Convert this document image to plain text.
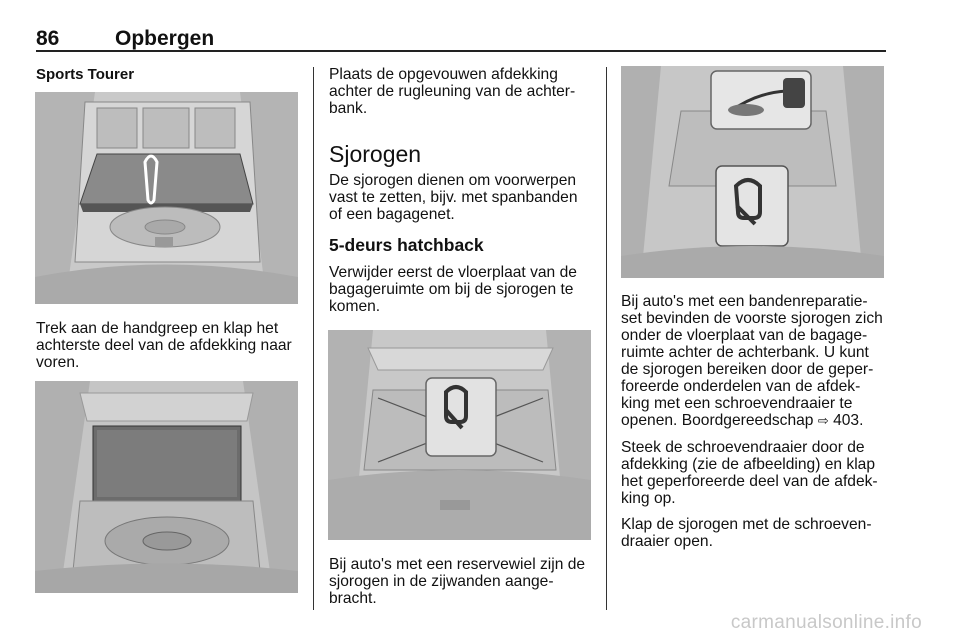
86	Opbergen
Sports Tourer

Trek aan de handgreep en klap het

achterste deel van de afdekking naar

voren.

Plaats de opgevouwen afdekking

achter de rugleuning van de achter-

bank.

Sjorogen

De sjorogen dienen om voorwerpen

vast te zetten, bijv. met spanbanden

of een bagagenet.

5-deurs hatchback

Verwijder eerst de vloerplaat van de

bagageruimte om bij de sjorogen te

komen.

Bij auto's met een reservewiel zijn de

sjorogen in de zijwanden aange-

bracht.

Bij auto's met een bandenreparatie-

set bevinden de voorste sjorogen zich

onder de vloerplaat van de bagage-

ruimte achter de achterbank. U kunt

de sjorogen bereiken door de geper-

foreerde onderdelen van de afdek-

king met een schroevendraaier te

openen. Boordgereedschap ⇨ 403.

Steek de schroevendraaier door de

afdekking (zie de afbeelding) en klap

het geperforeerde deel van de afdek-

king op.

Klap de sjorogen met de schroeven-

draaier open.

carmanualsonline.info
